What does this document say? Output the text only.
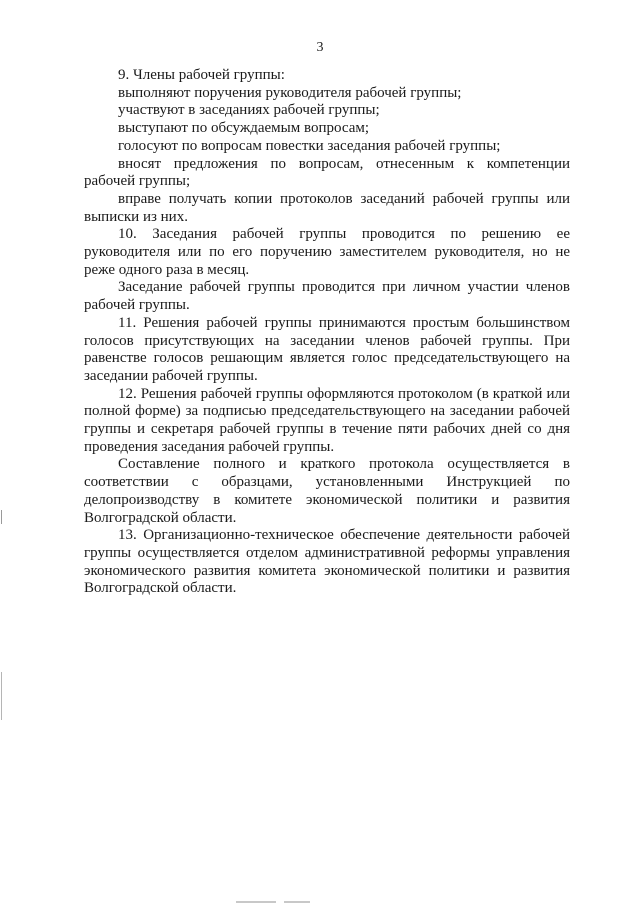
3

9. Члены рабочей группы:

выполняют поручения руководителя рабочей группы;

участвуют в заседаниях рабочей группы;

выступают по обсуждаемым вопросам;

голосуют по вопросам повестки заседания рабочей группы;

вносят предложения по вопросам, отнесенным к компетенции рабочей группы;

вправе получать копии протоколов заседаний рабочей группы или выписки из них.

10. Заседания рабочей группы проводится по решению ее руководителя или по его поручению заместителем руководителя, но не реже одного раза в месяц.

Заседание рабочей группы проводится при личном участии членов рабочей группы.

11. Решения рабочей группы принимаются простым большинством голосов присутствующих на заседании членов рабочей группы. При равенстве голосов решающим является голос председательствующего на заседании рабочей группы.

12. Решения рабочей группы оформляются протоколом (в краткой или полной форме) за подписью председательствующего на заседании рабочей группы и секретаря рабочей группы в течение пяти рабочих дней со дня проведения заседания рабочей группы.

Составление полного и краткого протокола осуществляется в соответствии с образцами, установленными Инструкцией по делопроизводству в комитете экономической политики и развития Волгоградской области.

13. Организационно-техническое обеспечение деятельности рабочей группы осуществляется отделом административной реформы управления экономического развития комитета экономической политики и развития Волгоградской области.
